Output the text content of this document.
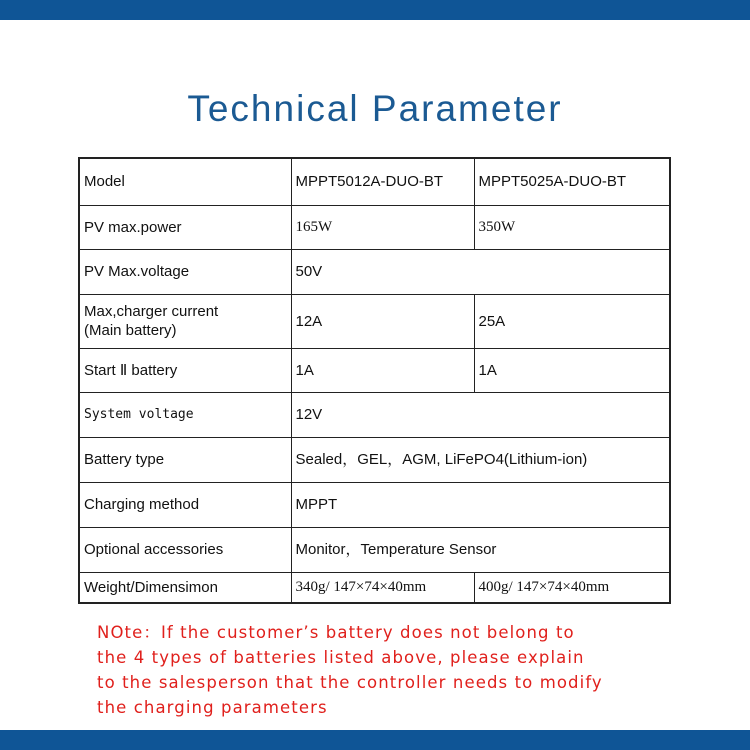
Technical Parameter
Model	MPPT5012A-DUO-BT	MPPT5025A-DUO-BT
PV max.power	165W	350W
PV Max.voltage	50V	

Max,charger current
(Main battery)	12A	25A
Start Ⅱ battery	1A	1A
System voltage	12V	
Battery type	Sealed，GEL，AGM, LiFePO4(Lithium-ion)	
Charging method	MPPT	
Optional accessories	Monitor，Temperature Sensor	
Weight/Dimensimon	340g/ 147×74×40mm	400g/ 147×74×40mm
NOte：If the customer’s battery does not belong to
the 4 types of batteries listed above, please explain
to the salesperson that the controller needs to modify
the charging parameters
